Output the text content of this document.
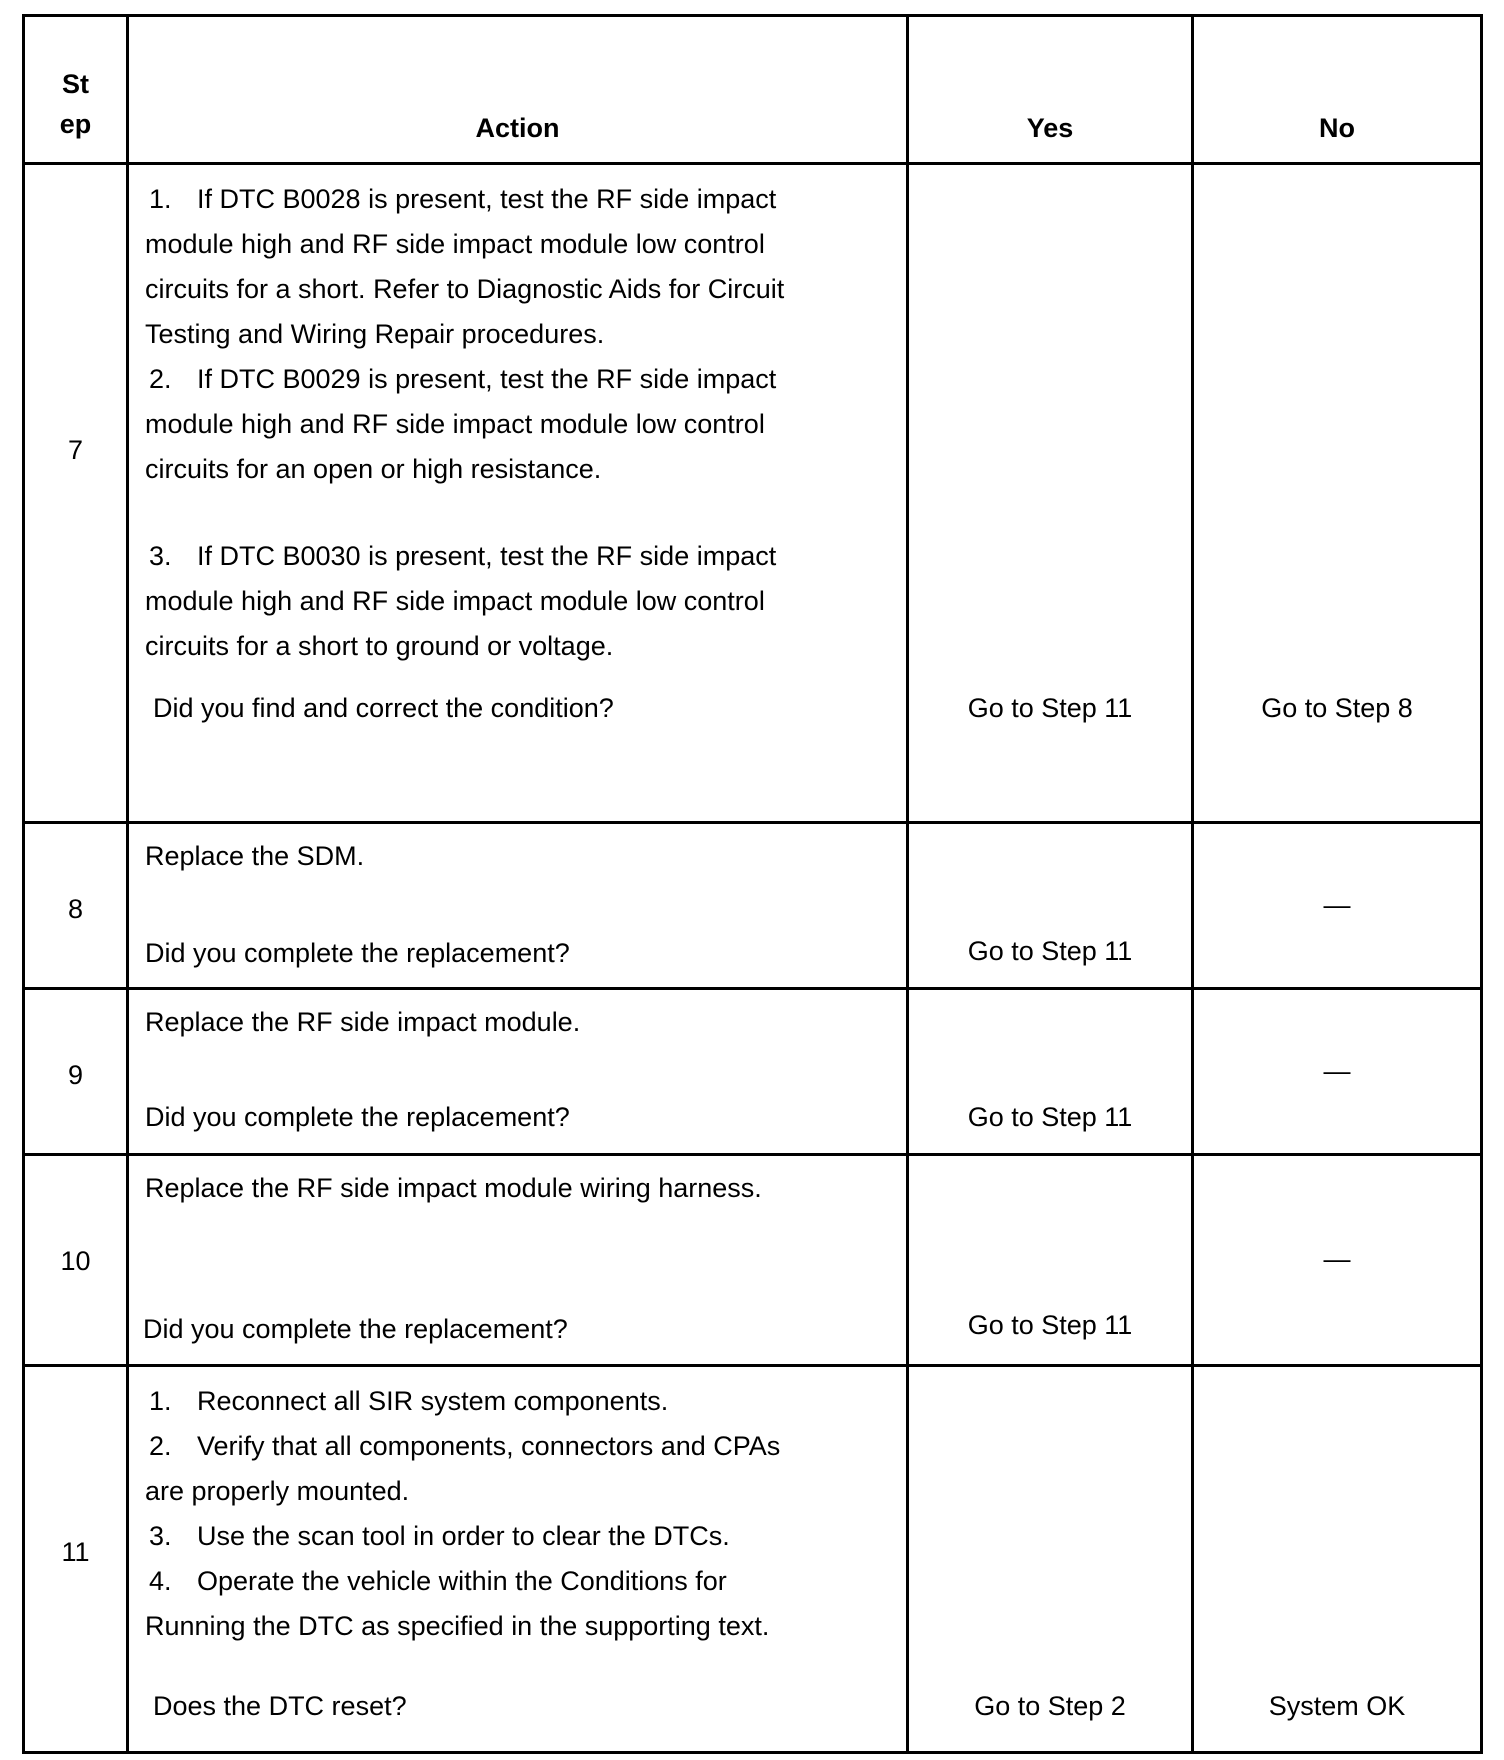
St
ep	Action	Yes	No

7	1. If DTC B0028 is present, test the RF side impact module high and RF side impact module low control circuits for a short. Refer to Diagnostic Aids for Circuit Testing and Wiring Repair procedures.
2. If DTC B0029 is present, test the RF side impact module high and RF side impact module low control circuits for an open or high resistance.
3. If DTC B0030 is present, test the RF side impact module high and RF side impact module low control circuits for a short to ground or voltage.
Did you find and correct the condition?	Go to Step 11	Go to Step 8

8	Replace the SDM.
Did you complete the replacement?	Go to Step 11	—

9	Replace the RF side impact module.
Did you complete the replacement?	Go to Step 11	—

10	Replace the RF side impact module wiring harness.
Did you complete the replacement?	Go to Step 11	—

11	1. Reconnect all SIR system components.
2. Verify that all components, connectors and CPAs are properly mounted.
3. Use the scan tool in order to clear the DTCs.
4. Operate the vehicle within the Conditions for Running the DTC as specified in the supporting text.
Does the DTC reset?	Go to Step 2	System OK
